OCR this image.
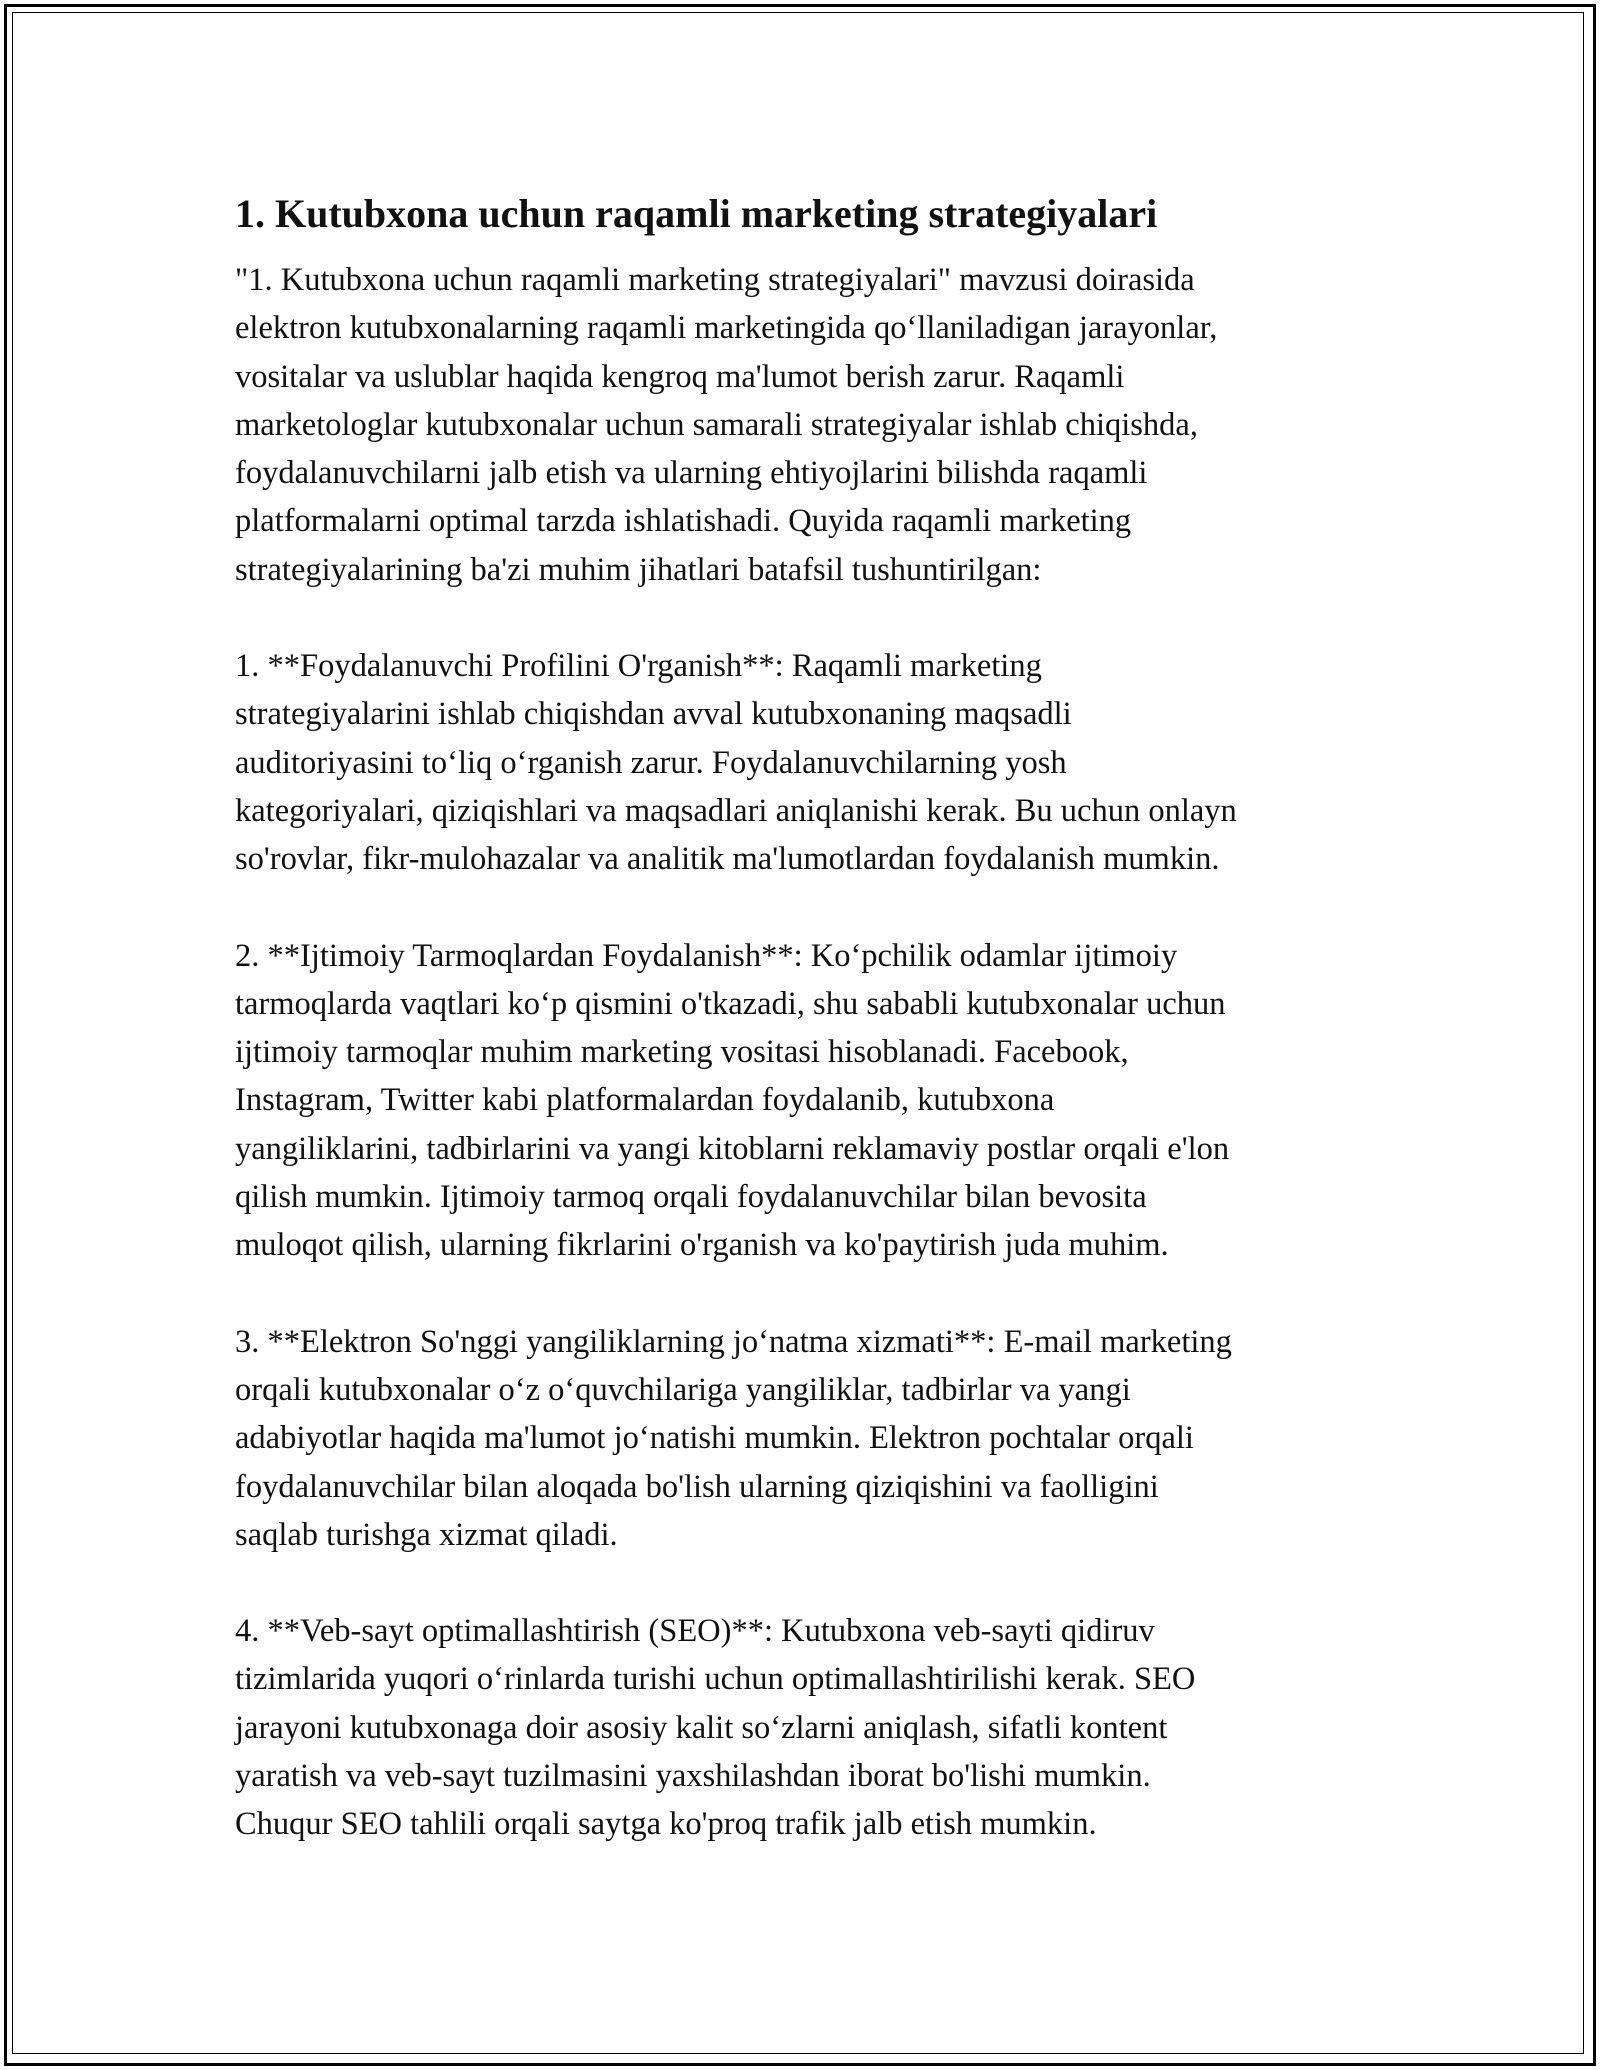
1. Kutubxona uchun raqamli marketing strategiyalari

"1. Kutubxona uchun raqamli marketing strategiyalari" mavzusi doirasida
elektron kutubxonalarning raqamli marketingida qo‘llaniladigan jarayonlar,
vositalar va uslublar haqida kengroq ma'lumot berish zarur. Raqamli
marketologlar kutubxonalar uchun samarali strategiyalar ishlab chiqishda,
foydalanuvchilarni jalb etish va ularning ehtiyojlarini bilishda raqamli
platformalarni optimal tarzda ishlatishadi. Quyida raqamli marketing
strategiyalarining ba'zi muhim jihatlari batafsil tushuntirilgan:

1. **Foydalanuvchi Profilini O'rganish**: Raqamli marketing
strategiyalarini ishlab chiqishdan avval kutubxonaning maqsadli
auditoriyasini to‘liq o‘rganish zarur. Foydalanuvchilarning yosh
kategoriyalari, qiziqishlari va maqsadlari aniqlanishi kerak. Bu uchun onlayn
so'rovlar, fikr-mulohazalar va analitik ma'lumotlardan foydalanish mumkin.

2. **Ijtimoiy Tarmoqlardan Foydalanish**: Ko‘pchilik odamlar ijtimoiy
tarmoqlarda vaqtlari ko‘p qismini o'tkazadi, shu sababli kutubxonalar uchun
ijtimoiy tarmoqlar muhim marketing vositasi hisoblanadi. Facebook,
Instagram, Twitter kabi platformalardan foydalanib, kutubxona
yangiliklarini, tadbirlarini va yangi kitoblarni reklamaviy postlar orqali e'lon
qilish mumkin. Ijtimoiy tarmoq orqali foydalanuvchilar bilan bevosita
muloqot qilish, ularning fikrlarini o'rganish va ko'paytirish juda muhim.

3. **Elektron So'nggi yangiliklarning jo‘natma xizmati**: E-mail marketing
orqali kutubxonalar o‘z o‘quvchilariga yangiliklar, tadbirlar va yangi
adabiyotlar haqida ma'lumot jo‘natishi mumkin. Elektron pochtalar orqali
foydalanuvchilar bilan aloqada bo'lish ularning qiziqishini va faolligini
saqlab turishga xizmat qiladi.

4. **Veb-sayt optimallashtirish (SEO)**: Kutubxona veb-sayti qidiruv
tizimlarida yuqori o‘rinlarda turishi uchun optimallashtirilishi kerak. SEO
jarayoni kutubxonaga doir asosiy kalit so‘zlarni aniqlash, sifatli kontent
yaratish va veb-sayt tuzilmasini yaxshilashdan iborat bo'lishi mumkin.
Chuqur SEO tahlili orqali saytga ko'proq trafik jalb etish mumkin.
